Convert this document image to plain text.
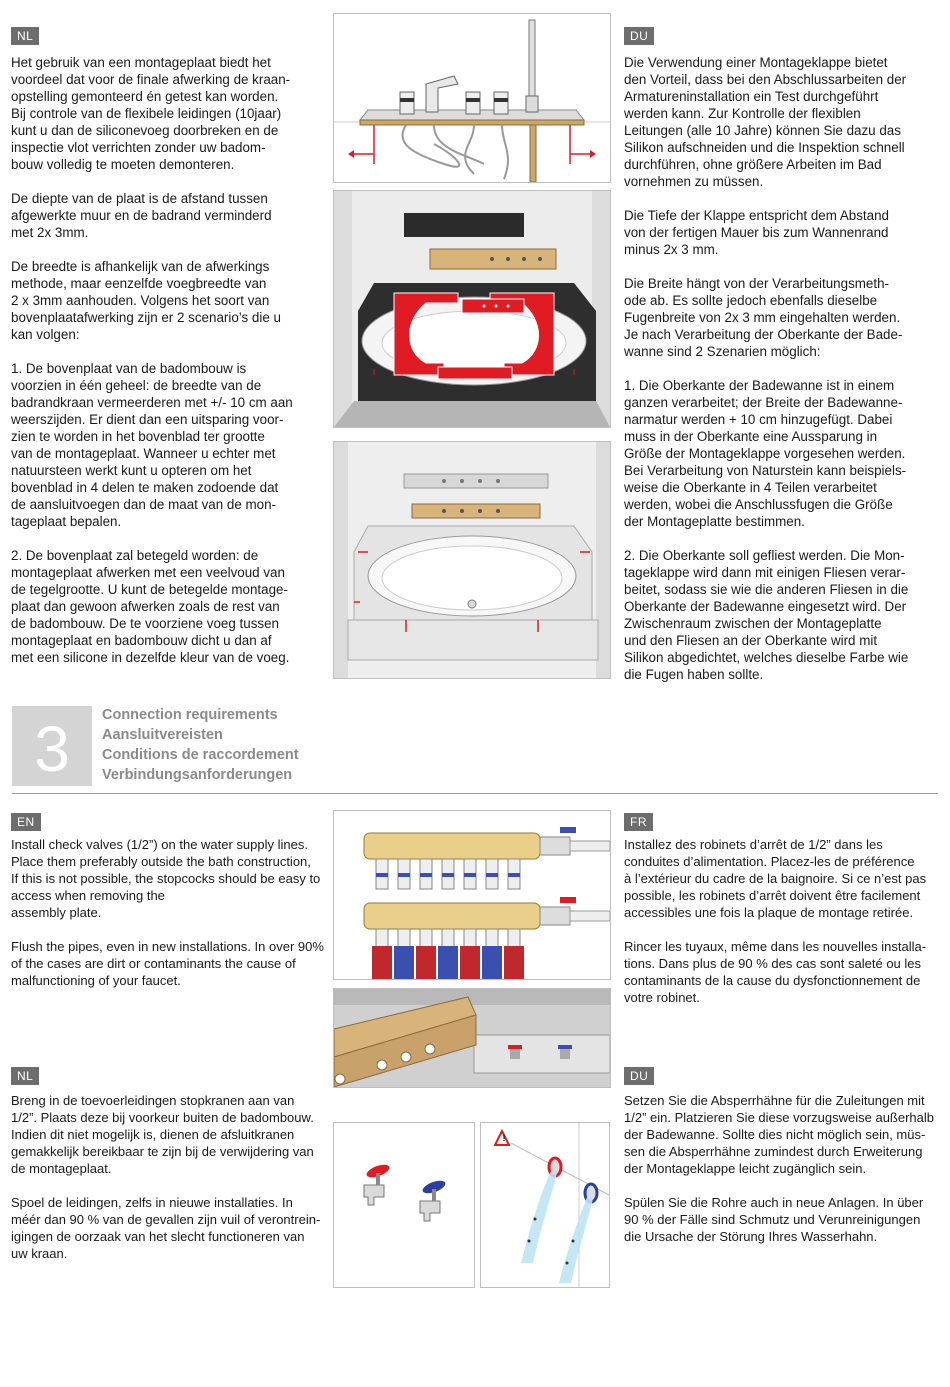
NL

Het gebruik van een montageplaat biedt het
voordeel dat voor de finale afwerking de kraan-
opstelling gemonteerd én getest kan worden.
Bij controle van de flexibele leidingen (10jaar)
kunt u dan de siliconevoeg doorbreken en de
inspectie vlot verrichten zonder uw badom-
bouw volledig te moeten demonteren.

De diepte van de plaat is de afstand tussen
afgewerkte muur en de badrand verminderd
met 2x 3mm.

De breedte is afhankelijk van de afwerkings
methode, maar eenzelfde voegbreedte van
2 x 3mm aanhouden. Volgens het soort van
bovenplaatafwerking zijn er 2 scenario’s die u
kan volgen:

1. De bovenplaat van de badombouw is
voorzien in één geheel: de breedte van de
badrandkraan vermeerderen met +/- 10 cm aan
weerszijden. Er dient dan een uitsparing voor-
zien te worden in het bovenblad ter grootte
van de montageplaat. Wanneer u echter met
natuursteen werkt kunt u opteren om het
bovenblad in 4 delen te maken zodoende dat
de aansluitvoegen dan de maat van de mon-
tageplaat bepalen.

2. De bovenplaat zal betegeld worden: de
montageplaat afwerken met een veelvoud van
de tegelgrootte. U kunt de betegelde montage-
plaat dan gewoon afwerken zoals de rest van
de badombouw. De te voorziene voeg tussen
montageplaat en badombouw dicht u dan af
met een silicone in dezelfde kleur van de voeg.

DU

Die Verwendung einer Montageklappe bietet
den Vorteil, dass bei den Abschlussarbeiten der
Armatureninstallation ein Test durchgeführt
werden kann. Zur Kontrolle der flexiblen
Leitungen (alle 10 Jahre) können Sie dazu das
Silikon aufschneiden und die Inspektion schnell
durchführen, ohne größere Arbeiten im Bad
vornehmen zu müssen.

Die Tiefe der Klappe entspricht dem Abstand
von der fertigen Mauer bis zum Wannenrand
minus 2x 3 mm.

Die Breite hängt von der Verarbeitungsmeth-
ode ab. Es sollte jedoch ebenfalls dieselbe
Fugenbreite von 2x 3 mm eingehalten werden.
Je nach Verarbeitung der Oberkante der Bade-
wanne sind 2 Szenarien möglich:

1. Die Oberkante der Badewanne ist in einem
ganzen verarbeitet; der Breite der Badewanne-
narmatur werden + 10 cm hinzugefügt. Dabei
muss in der Oberkante eine Aussparung in
Größe der Montageklappe vorgesehen werden.
Bei Verarbeitung von Naturstein kann beispiels-
weise die Oberkante in 4 Teilen verarbeitet
werden, wobei die Anschlussfugen die Größe
der Montageplatte bestimmen.

2. Die Oberkante soll gefliest werden. Die Mon-
tageklappe wird dann mit einigen Fliesen verar-
beitet, sodass sie wie die anderen Fliesen in die
Oberkante der Badewanne eingesetzt wird. Der
Zwischenraum zwischen der Montageplatte
und den Fliesen an der Oberkante wird mit
Silikon abgedichtet, welches dieselbe Farbe wie
die Fugen haben sollte.

3	Connection requirements
Aansluitvereisten
Conditions de raccordement
Verbindungsanforderungen
EN

Install check valves (1/2”) on the water supply lines.
Place them preferably outside the bath construction,
If this is not possible, the stopcocks should be easy to
access when removing the
assembly plate.

Flush the pipes, even in new installations. In over 90%
of the cases are dirt or contaminants the cause of
malfunctioning of your faucet.

FR

Installez des robinets d’arrêt de 1/2” dans les
conduites d’alimentation. Placez-les de préférence
à l’extérieur du cadre de la baignoire. Si ce n’est pas
possible, les robinets d’arrêt doivent être facilement
accessibles une fois la plaque de montage retirée.

Rincer les tuyaux, même dans les nouvelles installa-
tions. Dans plus de 90 % des cas sont saleté ou les
contaminants de la cause du dysfonctionnement de
votre robinet.

NL

Breng in de toevoerleidingen stopkranen aan van
1/2”. Plaats deze bij voorkeur buiten de badombouw.
Indien dit niet mogelijk is, dienen de afsluitkranen
gemakkelijk bereikbaar te zijn bij de verwijdering van
de montageplaat.

Spoel de leidingen, zelfs in nieuwe installaties. In
méér dan 90 % van de gevallen zijn vuil of verontrein-
igingen de oorzaak van het slecht functioneren van
uw kraan.

DU

Setzen Sie die Absperrhähne für die Zuleitungen mit
1/2” ein. Platzieren Sie diese vorzugsweise außerhalb
der Badewanne. Sollte dies nicht möglich sein, müs-
sen die Absperrhähne zumindest durch Erweiterung
der Montageklappe leicht zugänglich sein.

Spülen Sie die Rohre auch in neue Anlagen. In über
90 % der Fälle sind Schmutz und Verunreinigungen
die Ursache der Störung Ihres Wasserhahn.

!
